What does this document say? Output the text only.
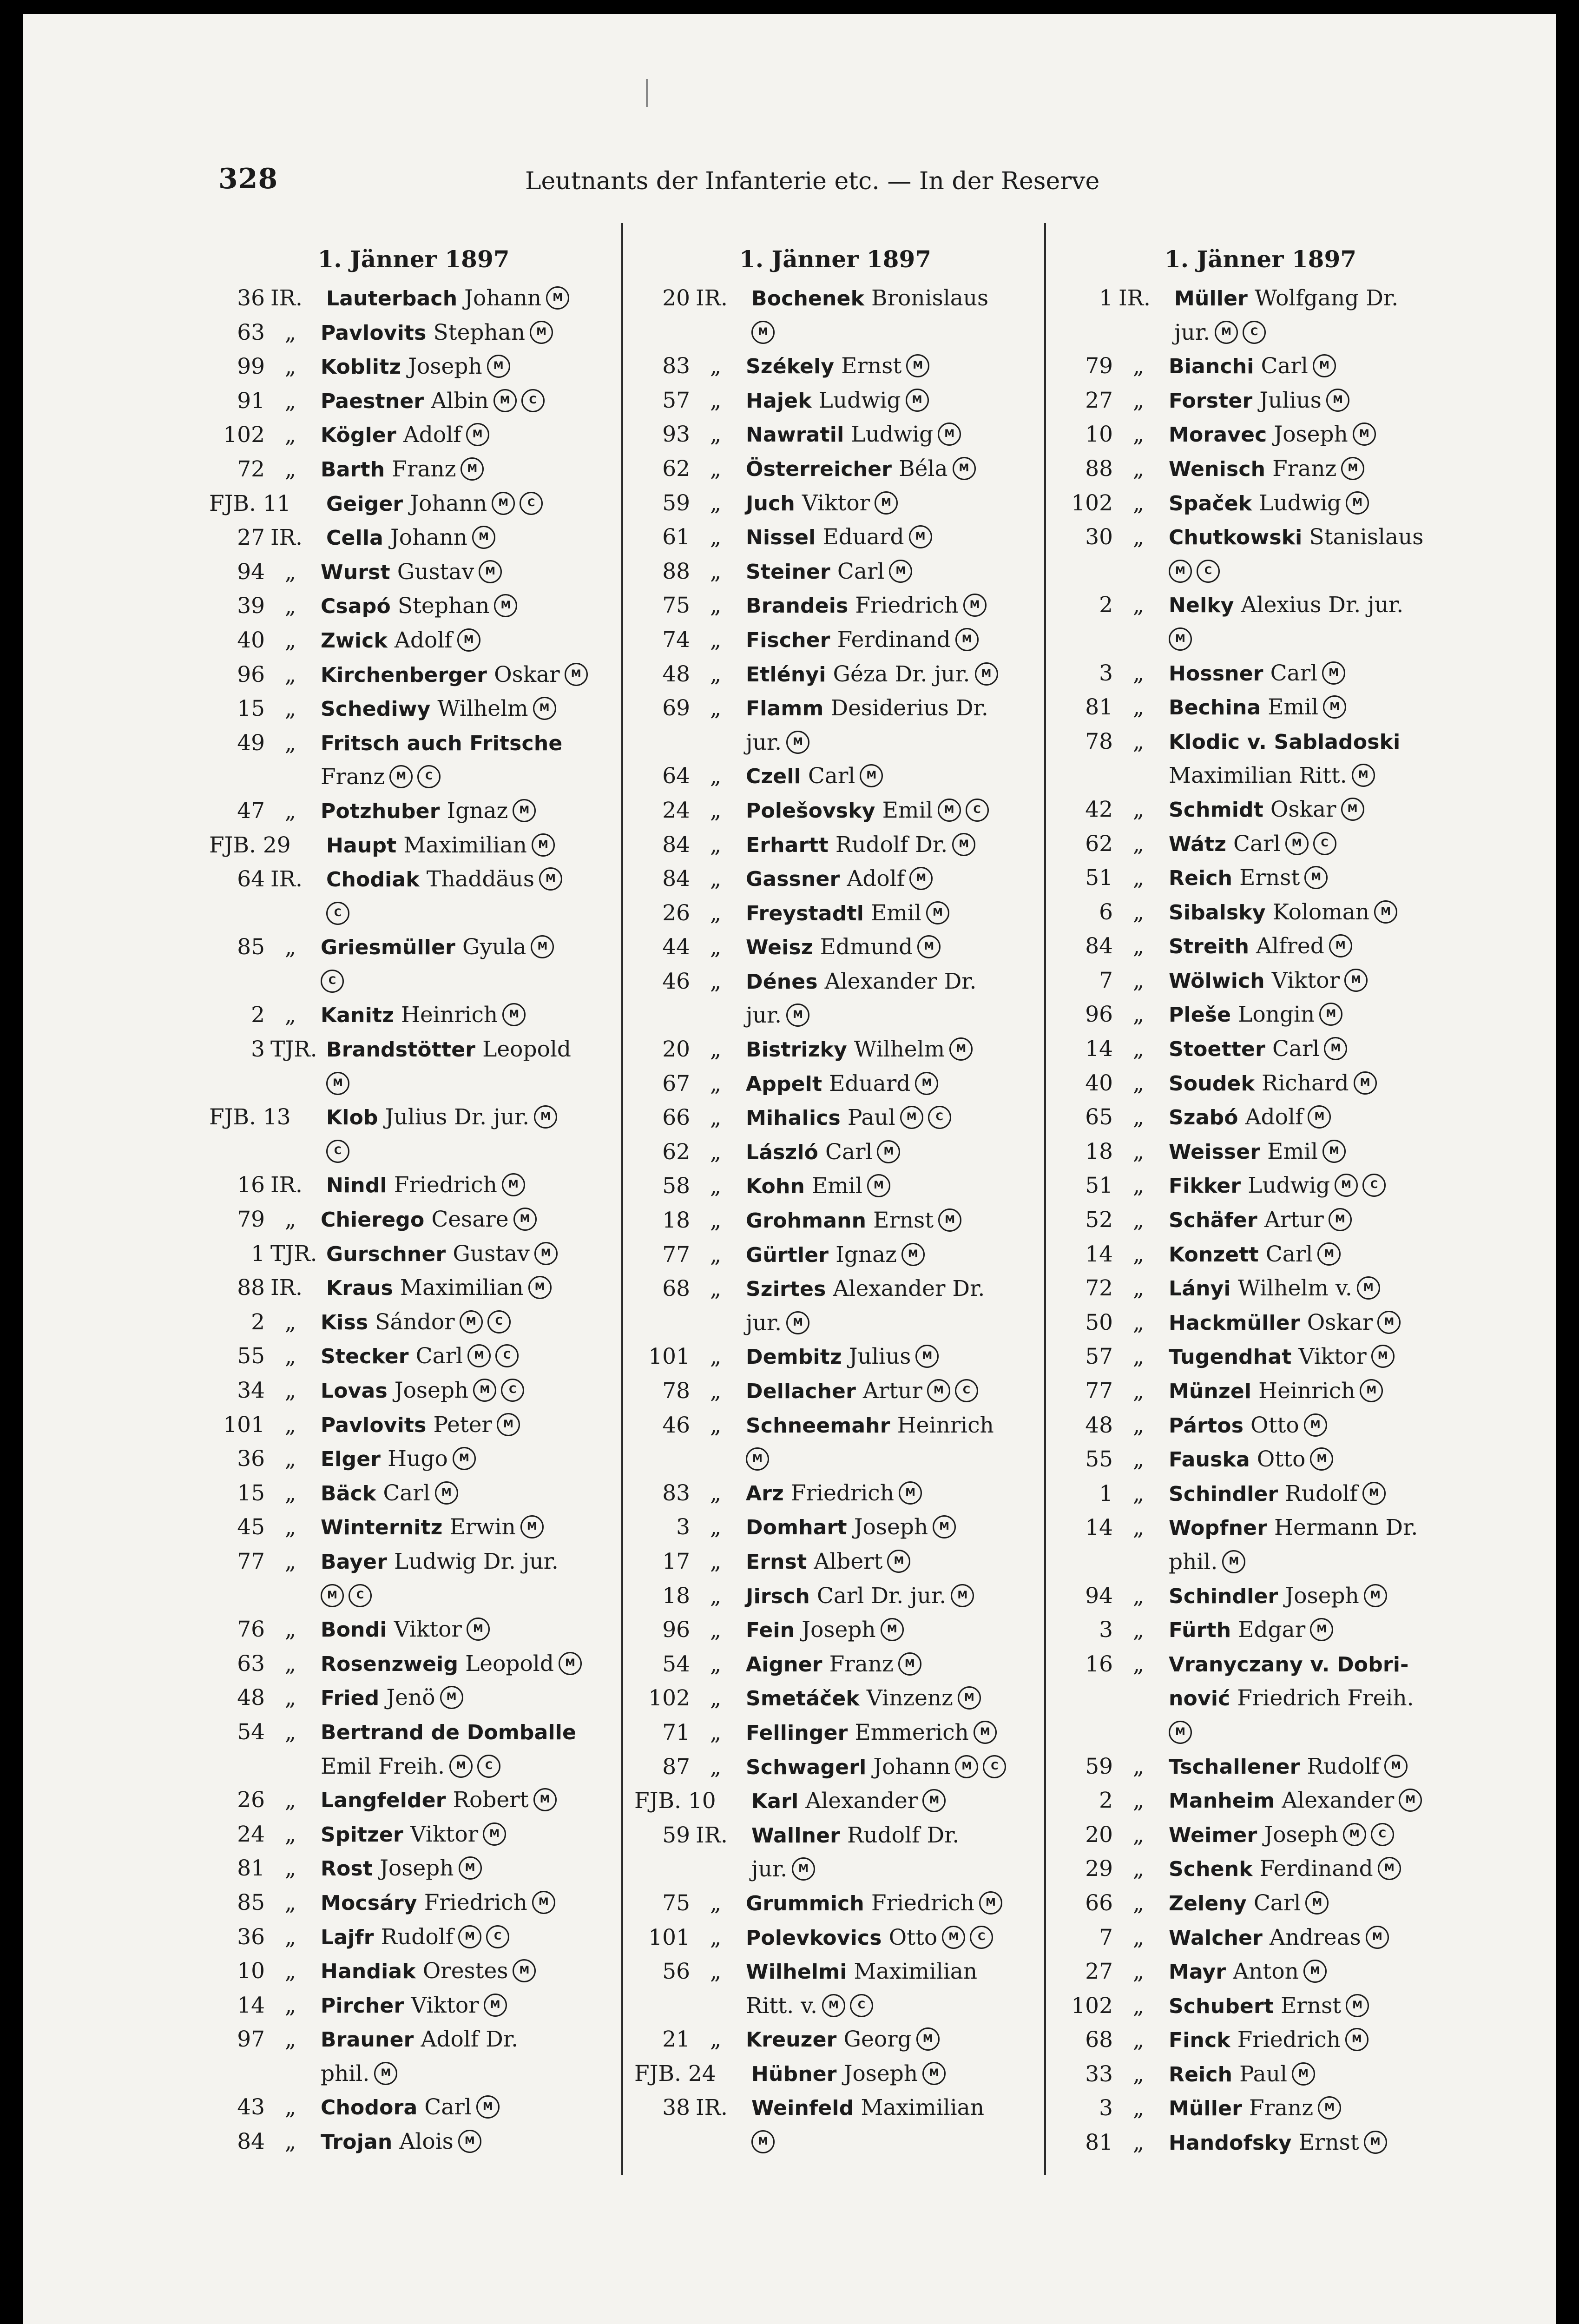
328	Leutnants der Infanterie etc. — In der Reserve
1. Jänner 1897
36 IR.	Lauterbach Johann M
63 „	Pavlovits Stephan M
99 „	Koblitz Joseph M
91 „	Paestner Albin M C
102 „	Kögler Adolf M
72 „	Barth Franz M
FJB. 11 Geiger Johann M C
27 IR.	Cella Johann M
94 „	Wurst Gustav M
39 „	Csapó Stephan M
40 „	Zwick Adolf M
96 „	Kirchenberger Oskar M
15 „	Schediwy Wilhelm M
49 „	Fritsch auch Fritsche
Franz M C
47 „	Potzhuber Ignaz M
FJB. 29 Haupt Maximilian M
64 IR.	Chodiak Thaddäus M
C
85 „	Griesmüller Gyula M
C
2 „	Kanitz Heinrich M
3 TJR. Brandstötter Leopold
M
FJB. 13 Klob Julius Dr. jur. M
C
16 IR.	Nindl Friedrich M
79 „	Chierego Cesare M
1 TJR. Gurschner Gustav M
88 IR.	Kraus Maximilian M
2 „	Kiss Sándor M C
55 „	Stecker Carl M C
34 „	Lovas Joseph M C
101 „	Pavlovits Peter M
36 „	Elger Hugo M
15 „	Bäck Carl M
45 „	Winternitz Erwin M
77 „	Bayer Ludwig Dr. jur.
M C
76 „	Bondi Viktor M
63 „	Rosenzweig Leopold M
48 „	Fried Jenö M
54 „	Bertrand de Domballe
Emil Freih. M C
26 „	Langfelder Robert M
24 „	Spitzer Viktor M
81 „	Rost Joseph M
85 „	Mocsáry Friedrich M
36 „	Lajfr Rudolf M C
10 „	Handiak Orestes M
14 „	Pircher Viktor M
97 „	Brauner Adolf Dr.
phil. M
43 „	Chodora Carl M
84 „	Trojan Alois M
1. Jänner 1897
20 IR.	Bochenek Bronislaus
M
83 „	Székely Ernst M
57 „	Hajek Ludwig M
93 „	Nawratil Ludwig M
62 „	Österreicher Béla M
59 „	Juch Viktor M
61 „	Nissel Eduard M
88 „	Steiner Carl M
75 „	Brandeis Friedrich M
74 „	Fischer Ferdinand M
48 „	Etlényi Géza Dr. jur. M
69 „	Flamm Desiderius Dr.
jur. M
64 „	Czell Carl M
24 „	Polešovsky Emil M C
84 „	Erhartt Rudolf Dr. M
84 „	Gassner Adolf M
26 „	Freystadtl Emil M
44 „	Weisz Edmund M
46 „	Dénes Alexander Dr.
jur. M
20 „	Bistrizky Wilhelm M
67 „	Appelt Eduard M
66 „	Mihalics Paul M C
62 „	László Carl M
58 „	Kohn Emil M
18 „	Grohmann Ernst M
77 „	Gürtler Ignaz M
68 „	Szirtes Alexander Dr.
jur. M
101 „	Dembitz Julius M
78 „	Dellacher Artur M C
46 „	Schneemahr Heinrich
M
83 „	Arz Friedrich M
3 „	Domhart Joseph M
17 „	Ernst Albert M
18 „	Jirsch Carl Dr. jur. M
96 „	Fein Joseph M
54 „	Aigner Franz M
102 „	Smetáček Vinzenz M
71 „	Fellinger Emmerich M
87 „	Schwagerl Johann M C
FJB. 10 Karl Alexander M
59 IR.	Wallner Rudolf Dr.
jur. M
75 „	Grummich Friedrich M
101 „	Polevkovics Otto M C
56 „	Wilhelmi Maximilian
Ritt. v. M C
21 „	Kreuzer Georg M
FJB. 24 Hübner Joseph M
38 IR.	Weinfeld Maximilian
M
1. Jänner 1897
1 IR.	Müller Wolfgang Dr.
jur. M C
79 „	Bianchi Carl M
27 „	Forster Julius M
10 „	Moravec Joseph M
88 „	Wenisch Franz M
102 „	Spaček Ludwig M
30 „	Chutkowski Stanislaus
M C
2 „	Nelky Alexius Dr. jur.
M
3 „	Hossner Carl M
81 „	Bechina Emil M
78 „	Klodic v. Sabladoski
Maximilian Ritt. M
42 „	Schmidt Oskar M
62 „	Wátz Carl M C
51 „	Reich Ernst M
6 „	Sibalsky Koloman M
84 „	Streith Alfred M
7 „	Wölwich Viktor M
96 „	Pleše Longin M
14 „	Stoetter Carl M
40 „	Soudek Richard M
65 „	Szabó Adolf M
18 „	Weisser Emil M
51 „	Fikker Ludwig M C
52 „	Schäfer Artur M
14 „	Konzett Carl M
72 „	Lányi Wilhelm v. M
50 „	Hackmüller Oskar M
57 „	Tugendhat Viktor M
77 „	Münzel Heinrich M
48 „	Pártos Otto M
55 „	Fauska Otto M
1 „	Schindler Rudolf M
14 „	Wopfner Hermann Dr.
phil. M
94 „	Schindler Joseph M
3 „	Fürth Edgar M
16 „	Vranyczany v. Dobri-
nović Friedrich Freih.
M
59 „	Tschallener Rudolf M
2 „	Manheim Alexander M
20 „	Weimer Joseph M C
29 „	Schenk Ferdinand M
66 „	Zeleny Carl M
7 „	Walcher Andreas M
27 „	Mayr Anton M
102 „	Schubert Ernst M
68 „	Finck Friedrich M
33 „	Reich Paul M
3 „	Müller Franz M
81 „	Handofsky Ernst M
